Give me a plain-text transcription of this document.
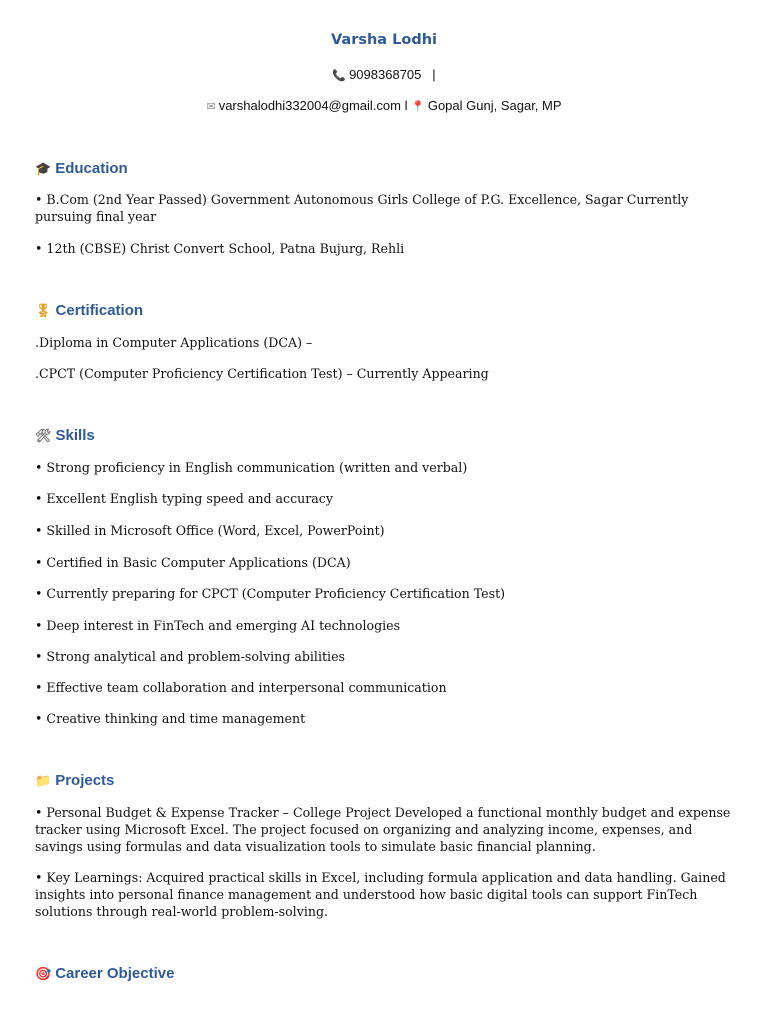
Varsha Lodhi
📞 9098368705 |
✉ varshalodhi332004@gmail.com l 📍 Gopal Gunj, Sagar, MP
🎓 Education
• B.Com (2nd Year Passed) Government Autonomous Girls College of P.G. Excellence, Sagar Currently pursuing final year
• 12th (CBSE) Christ Convert School, Patna Bujurg, Rehli
🎖 Certification
.Diploma in Computer Applications (DCA) –
.CPCT (Computer Proficiency Certification Test) – Currently Appearing
🛠 Skills
• Strong proficiency in English communication (written and verbal)
• Excellent English typing speed and accuracy
• Skilled in Microsoft Office (Word, Excel, PowerPoint)
• Certified in Basic Computer Applications (DCA)
• Currently preparing for CPCT (Computer Proficiency Certification Test)
• Deep interest in FinTech and emerging AI technologies
• Strong analytical and problem-solving abilities
• Effective team collaboration and interpersonal communication
• Creative thinking and time management
📁 Projects
• Personal Budget & Expense Tracker – College Project Developed a functional monthly budget and expense tracker using Microsoft Excel. The project focused on organizing and analyzing income, expenses, and savings using formulas and data visualization tools to simulate basic financial planning.
• Key Learnings: Acquired practical skills in Excel, including formula application and data handling. Gained insights into personal finance management and understood how basic digital tools can support FinTech solutions through real-world problem-solving.
🎯 Career Objective
